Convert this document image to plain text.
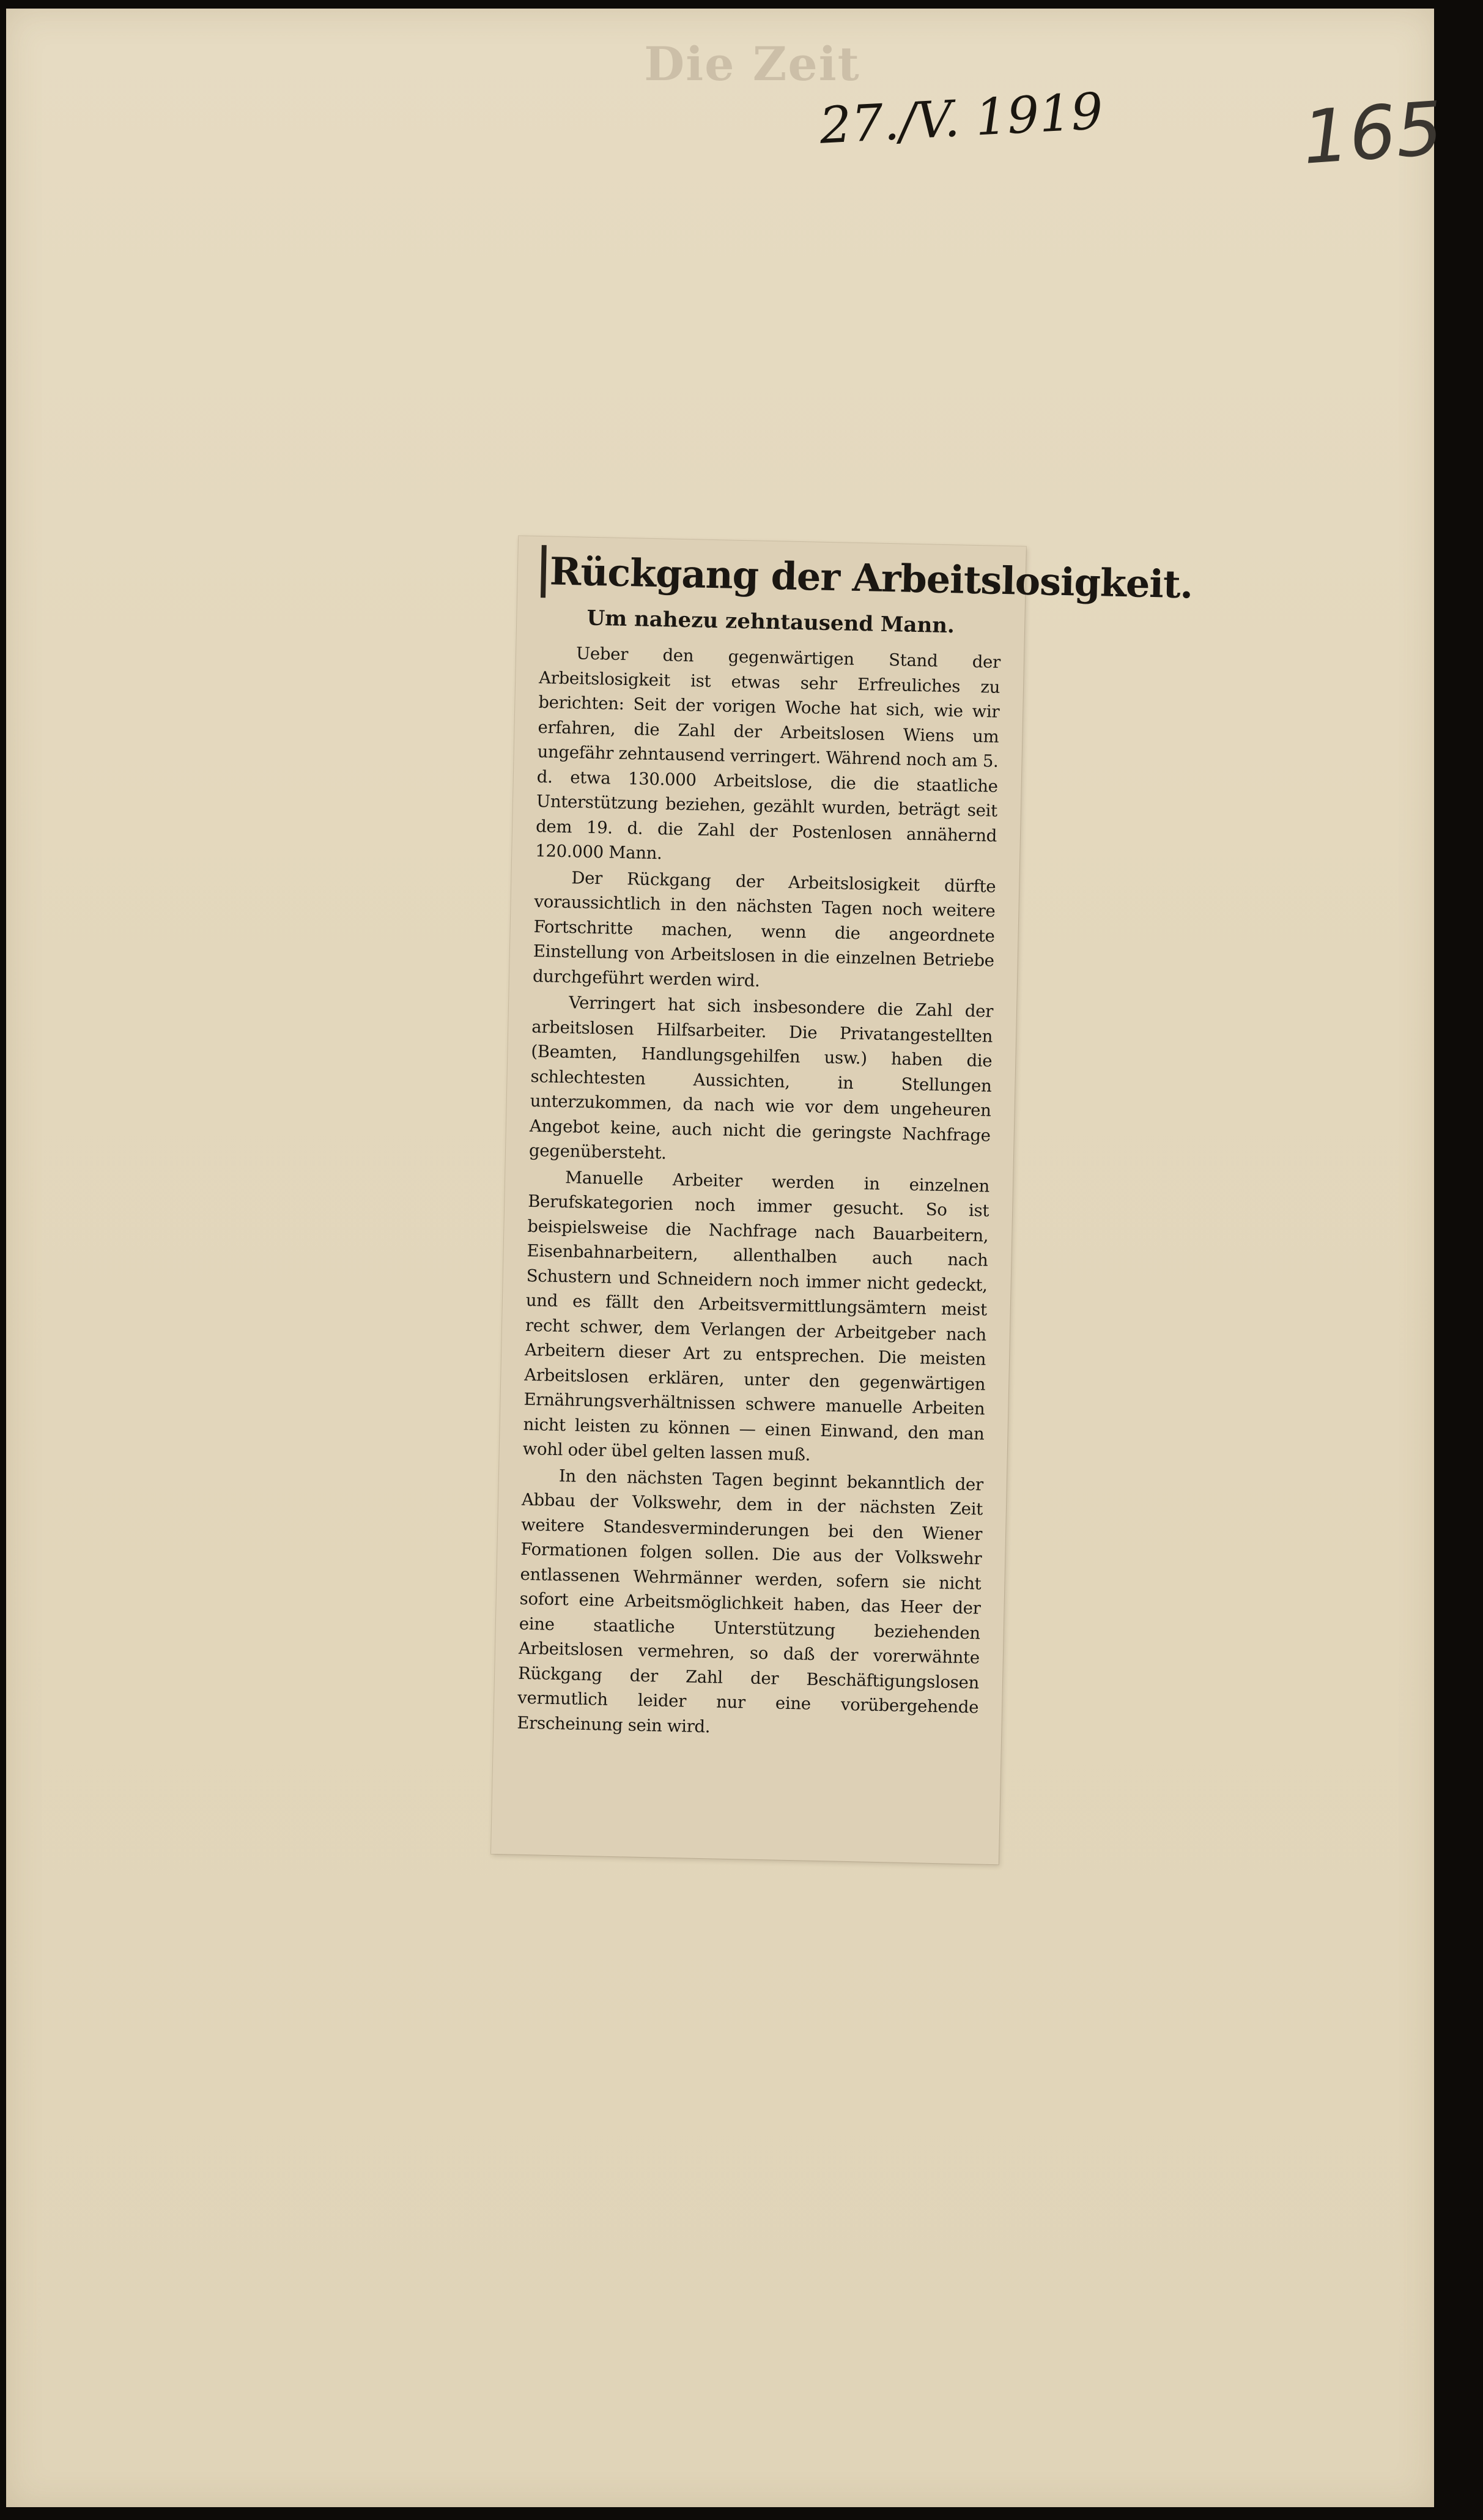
Die Zeit
27./V. 1919	165
Rückgang der Arbeitslosigkeit.
Um nahezu zehntausend Mann.

Ueber den gegenwärtigen Stand der Arbeitslosigkeit ist etwas sehr Erfreuliches zu berichten: Seit der vorigen Woche hat sich, wie wir erfahren, die Zahl der Arbeitslosen Wiens um ungefähr zehntausend verringert. Während noch am 5. d. etwa 130.000 Arbeitslose, die die staatliche Unterstützung beziehen, gezählt wurden, beträgt seit dem 19. d. die Zahl der Postenlosen annähernd 120.000 Mann.

Der Rückgang der Arbeitslosigkeit dürfte voraussichtlich in den nächsten Tagen noch weitere Fortschritte machen, wenn die angeordnete Einstellung von Arbeitslosen in die einzelnen Betriebe durchgeführt werden wird.

Verringert hat sich insbesondere die Zahl der arbeitslosen Hilfsarbeiter. Die Privatangestellten (Beamten, Handlungsgehilfen usw.) haben die schlechtesten Aussichten, in Stellungen unterzukommen, da nach wie vor dem ungeheuren Angebot keine, auch nicht die geringste Nachfrage gegenübersteht.

Manuelle Arbeiter werden in einzelnen Berufskategorien noch immer gesucht. So ist beispielsweise die Nachfrage nach Bauarbeitern, Eisenbahnarbeitern, allenthalben auch nach Schustern und Schneidern noch immer nicht gedeckt, und es fällt den Arbeitsvermittlungsämtern meist recht schwer, dem Verlangen der Arbeitgeber nach Arbeitern dieser Art zu entsprechen. Die meisten Arbeitslosen erklären, unter den gegenwärtigen Ernährungsverhältnissen schwere manuelle Arbeiten nicht leisten zu können — einen Einwand, den man wohl oder übel gelten lassen muß.

In den nächsten Tagen beginnt bekanntlich der Abbau der Volkswehr, dem in der nächsten Zeit weitere Standesverminderungen bei den Wiener Formationen folgen sollen. Die aus der Volkswehr entlassenen Wehrmänner werden, sofern sie nicht sofort eine Arbeitsmöglichkeit haben, das Heer der eine staatliche Unterstützung beziehenden Arbeitslosen vermehren, so daß der vorerwähnte Rückgang der Zahl der Beschäftigungslosen vermutlich leider nur eine vorübergehende Erscheinung sein wird.
